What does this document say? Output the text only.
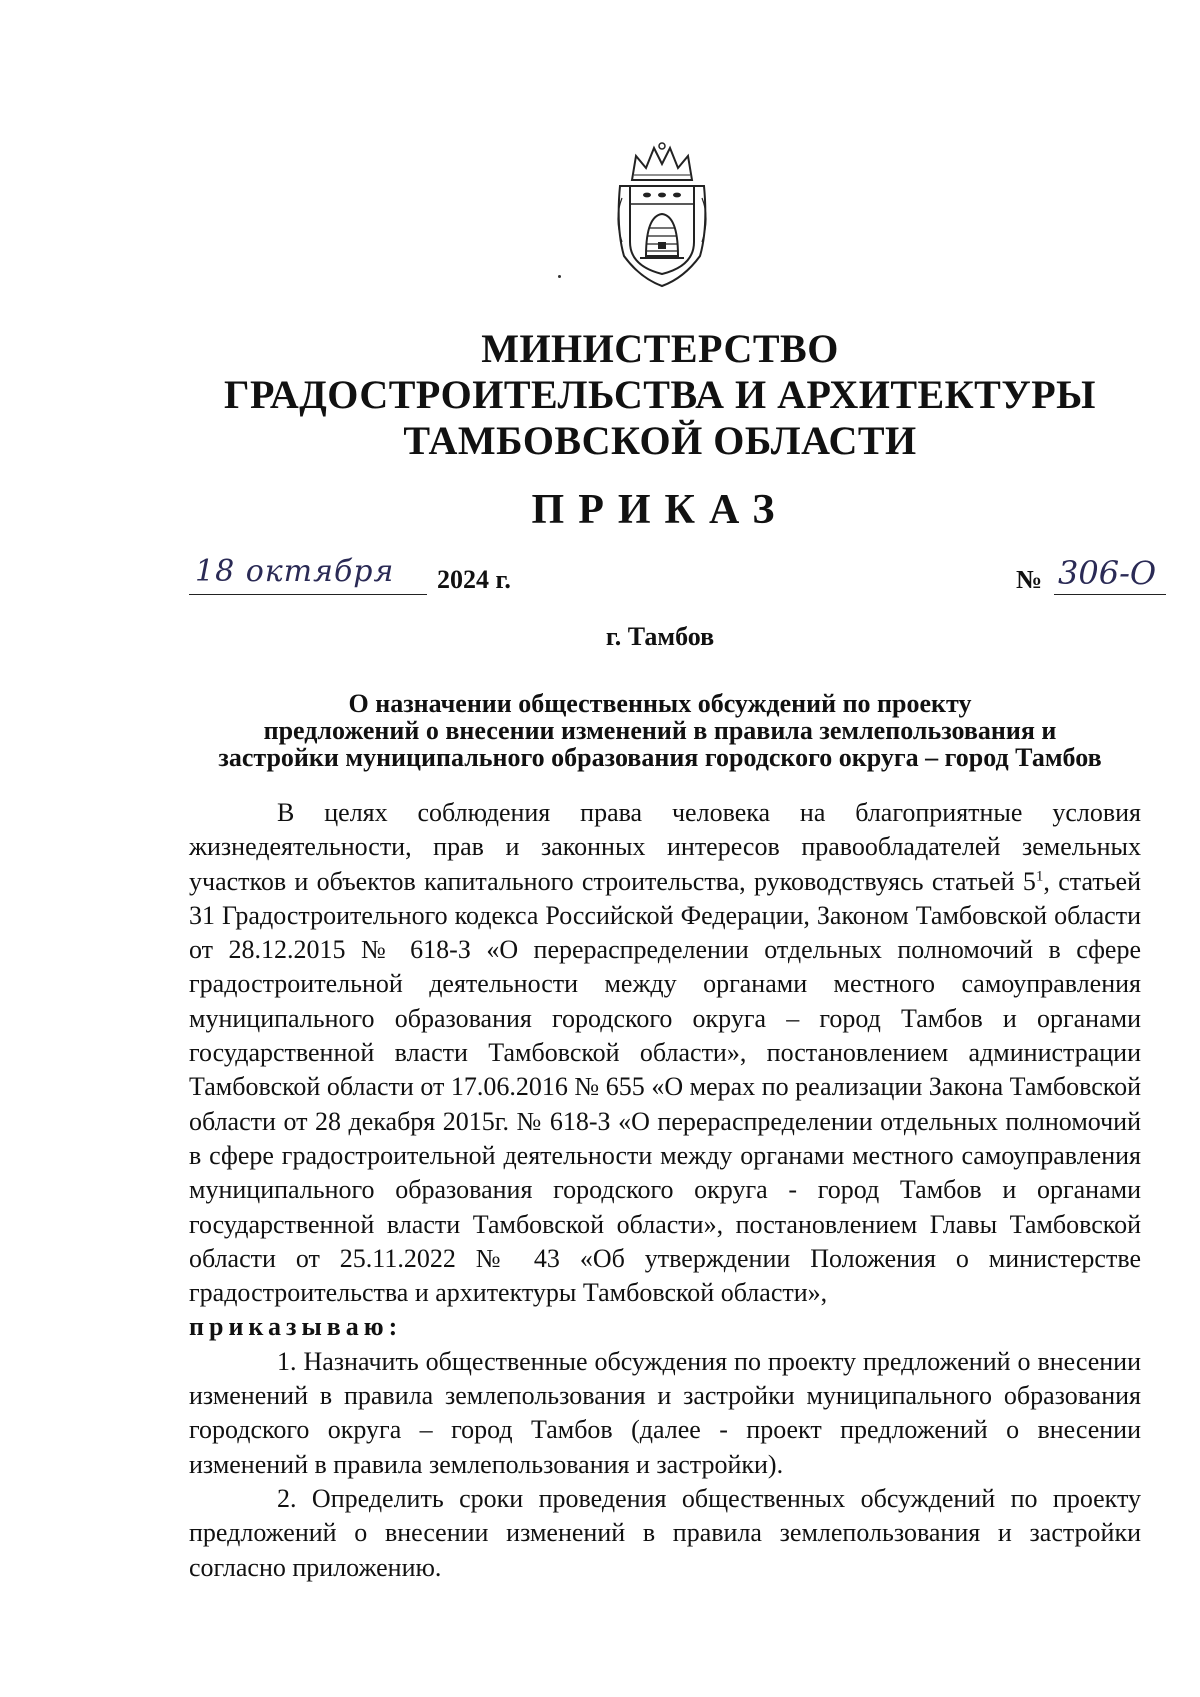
МИНИСТЕРСТВО
ГРАДОСТРОИТЕЛЬСТВА И АРХИТЕКТУРЫ
ТАМБОВСКОЙ ОБЛАСТИ
ПРИКАЗ
18 октября 2024 г.	№ 306-О
г. Тамбов
О назначении общественных обсуждений по проекту
предложений о внесении изменений в правила землепользования и
застройки муниципального образования городского округа – город Тамбов

В целях соблюдения права человека на благоприятные условия жизнедеятельности, прав и законных интересов правообладателей земельных участков и объектов капитального строительства, руководствуясь статьей $5^1$, статьей 31 Градостроительного кодекса Российской Федерации, Законом Тамбовской области от 28.12.2015 № 618-З «О перераспределении отдельных полномочий в сфере градостроительной деятельности между органами местного самоуправления муниципального образования городского округа – город Тамбов и органами государственной власти Тамбовской области», постановлением администрации Тамбовской области от 17.06.2016 № 655 «О мерах по реализации Закона Тамбовской области от 28 декабря 2015г. № 618-З «О перераспределении отдельных полномочий в сфере градостроительной деятельности между органами местного самоуправления муниципального образования городского округа - город Тамбов и органами государственной власти Тамбовской области», постановлением Главы Тамбовской области от 25.11.2022 № 43 «Об утверждении Положения о министерстве градостроительства и архитектуры Тамбовской области»,

приказываю:

1. Назначить общественные обсуждения по проекту предложений о внесении изменений в правила землепользования и застройки муниципального образования городского округа – город Тамбов (далее - проект предложений о внесении изменений в правила землепользования и застройки).

2. Определить сроки проведения общественных обсуждений по проекту предложений о внесении изменений в правила землепользования и застройки согласно приложению.
